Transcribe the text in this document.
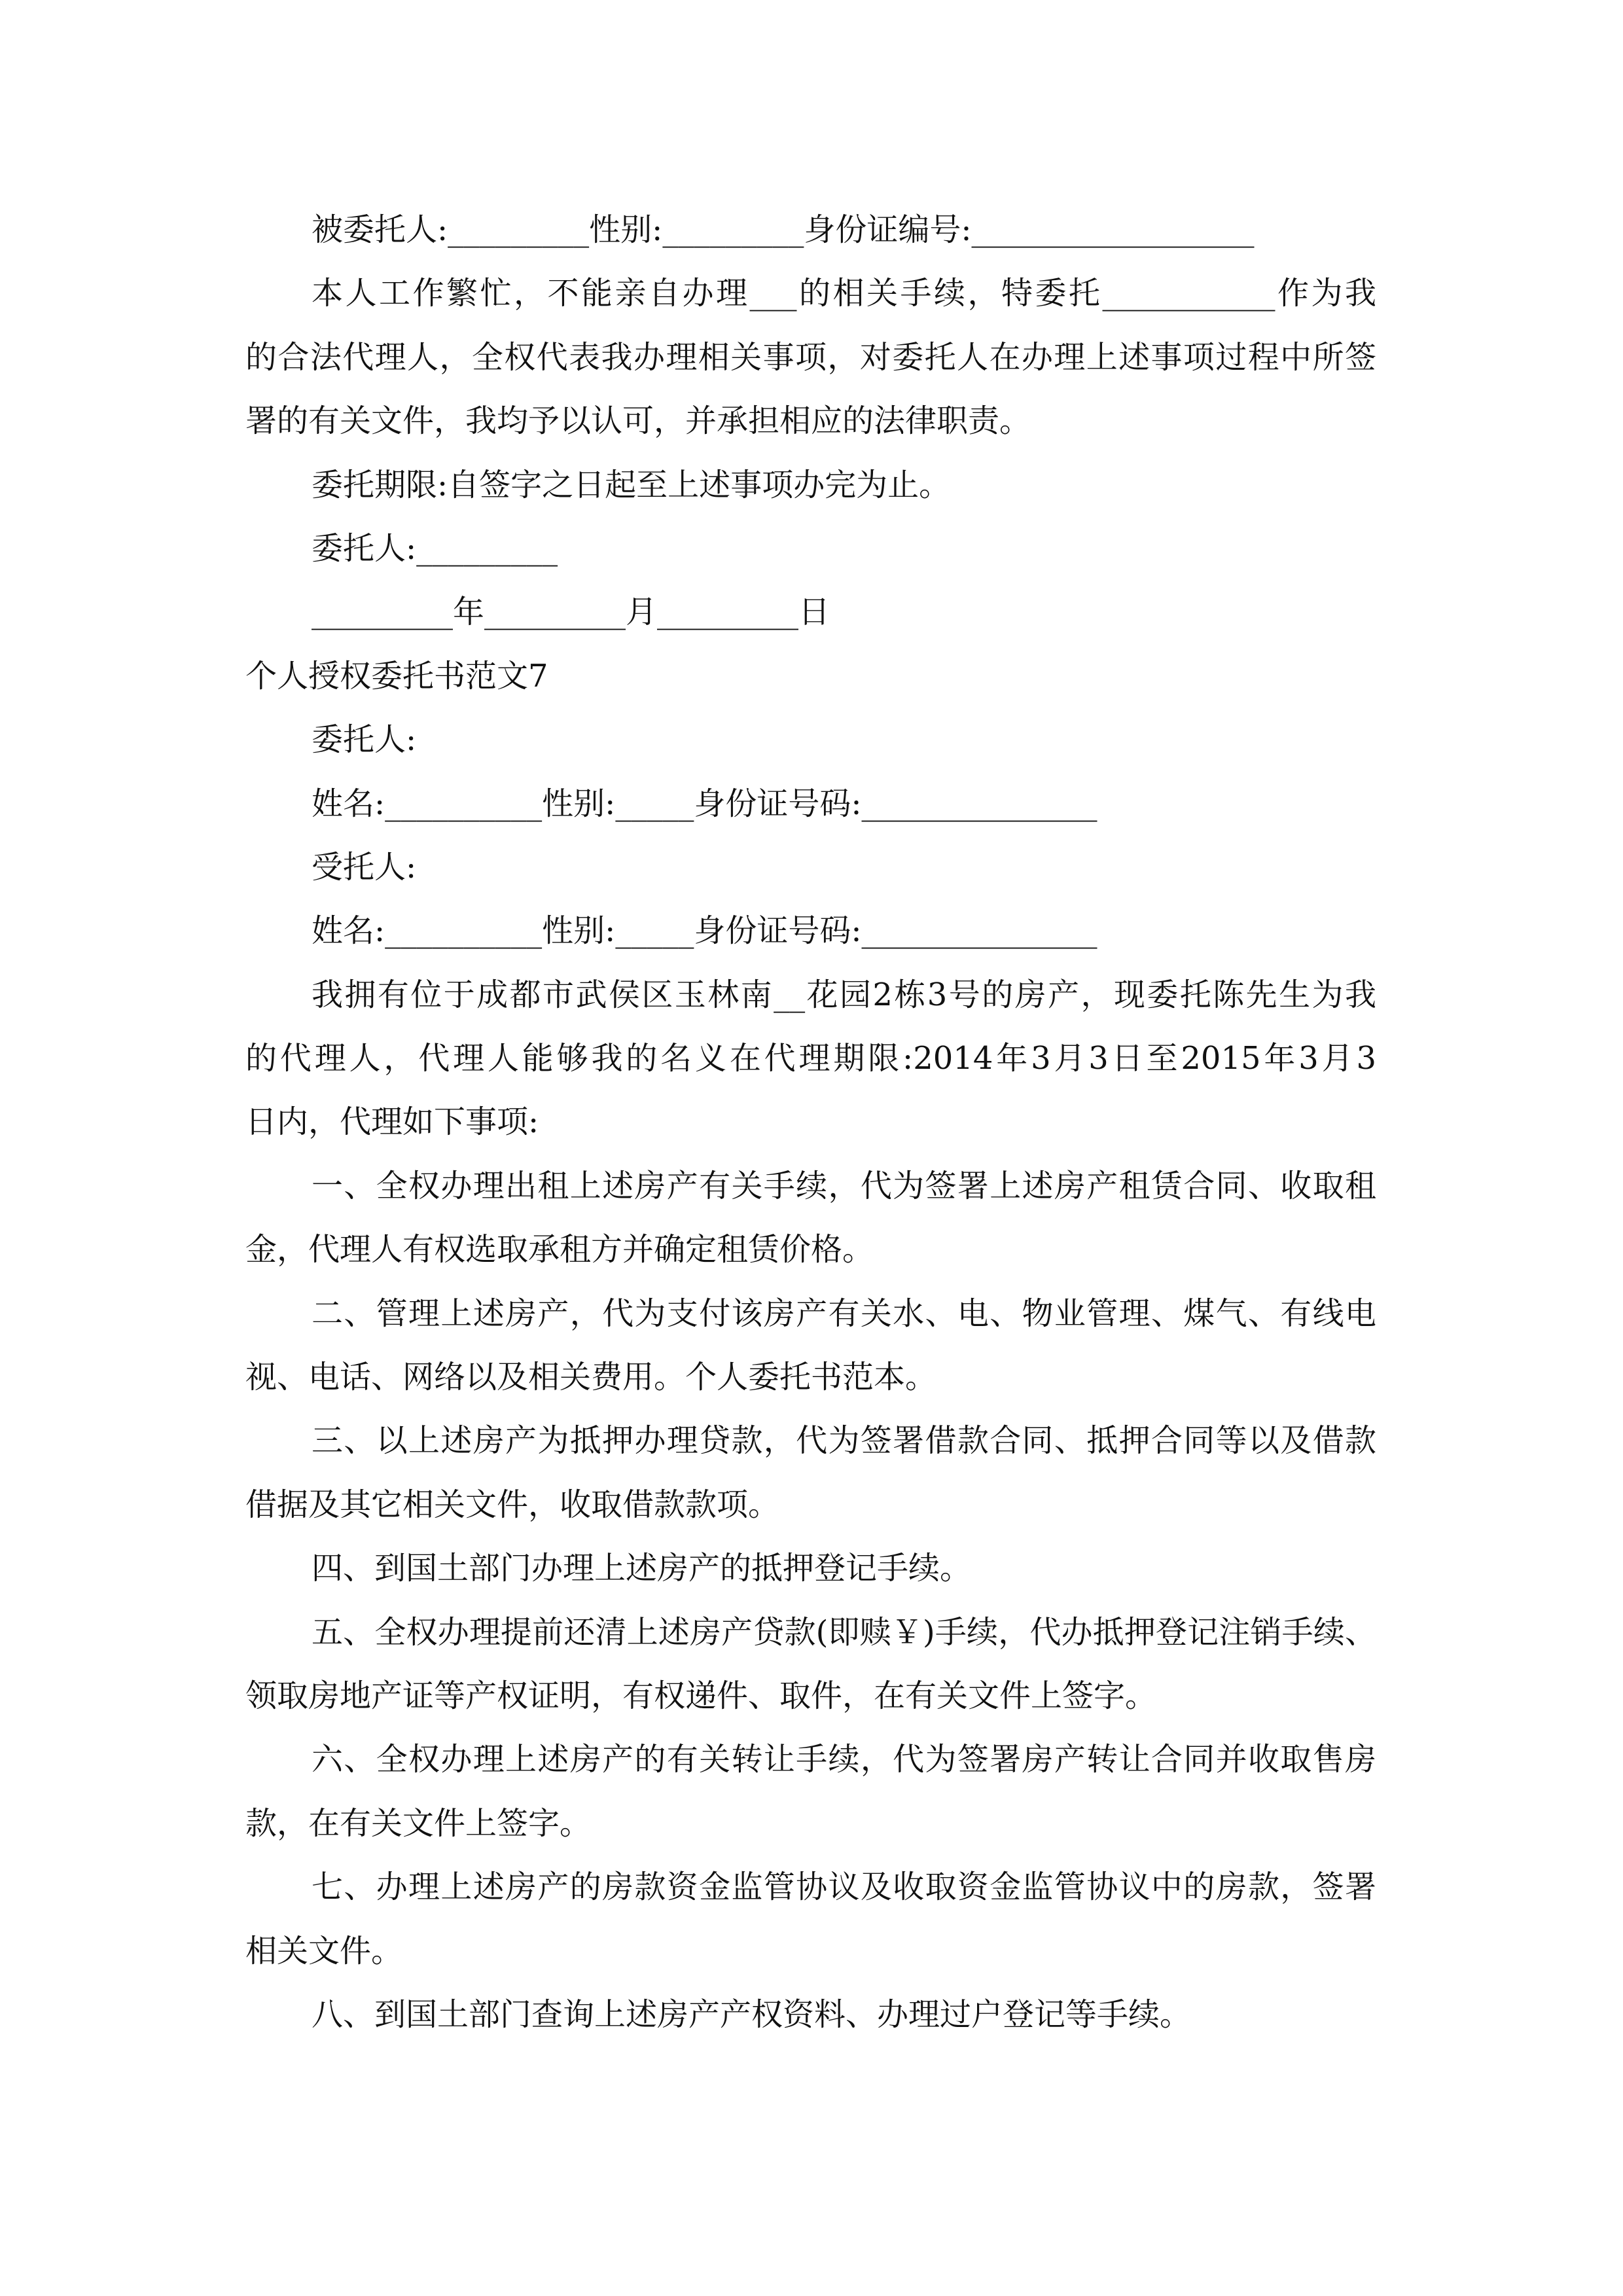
被委托人:_________性别:_________身份证编号:__________________
本人工作繁忙，不能亲自办理___的相关手续，特委托___________作为我
的合法代理人，全权代表我办理相关事项，对委托人在办理上述事项过程中所签
署的有关文件，我均予以认可，并承担相应的法律职责。
委托期限:自签字之日起至上述事项办完为止。
委托人:_________
_________年_________月_________日
个人授权委托书范文7
委托人:
姓名:__________性别:_____身份证号码:_______________
受托人:
姓名:__________性别:_____身份证号码:_______________
我拥有位于成都市武侯区玉林南__花园2栋3号的房产，现委托陈先生为我
的代理人，代理人能够我的名义在代理期限:2014年3月3日至2015年3月3
日内，代理如下事项:
一、全权办理出租上述房产有关手续，代为签署上述房产租赁合同、收取租
金，代理人有权选取承租方并确定租赁价格。
二、管理上述房产，代为支付该房产有关水、电、物业管理、煤气、有线电
视、电话、网络以及相关费用。个人委托书范本。
三、以上述房产为抵押办理贷款，代为签署借款合同、抵押合同等以及借款
借据及其它相关文件，收取借款款项。
四、到国土部门办理上述房产的抵押登记手续。
五、全权办理提前还清上述房产贷款(即赎￥)手续，代办抵押登记注销手续、
领取房地产证等产权证明，有权递件、取件，在有关文件上签字。
六、全权办理上述房产的有关转让手续，代为签署房产转让合同并收取售房
款，在有关文件上签字。
七、办理上述房产的房款资金监管协议及收取资金监管协议中的房款，签署
相关文件。
八、到国土部门查询上述房产产权资料、办理过户登记等手续。
